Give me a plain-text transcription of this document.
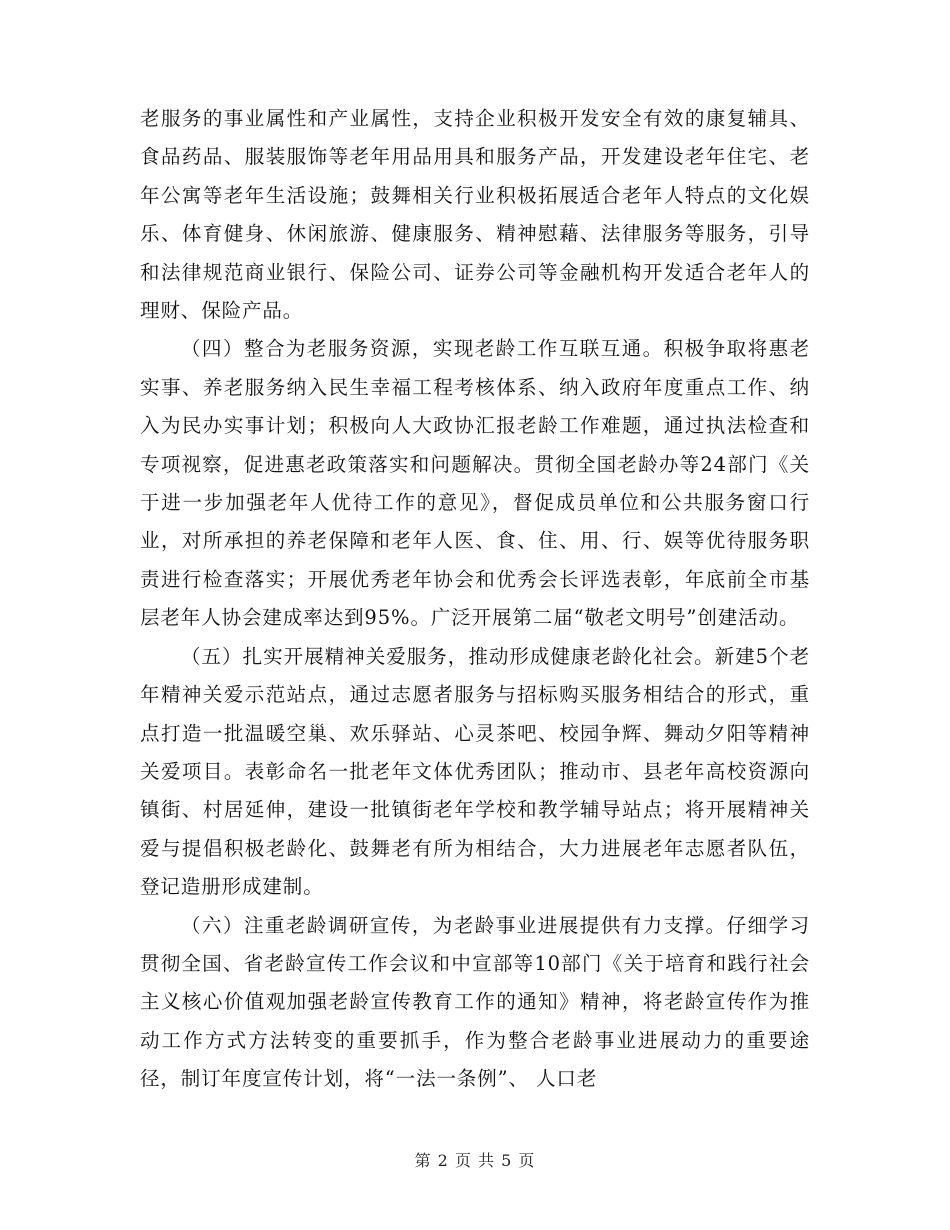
老服务的事业属性和产业属性，支持企业积极开发安全有效的康复辅具、食品药品、服装服饰等老年用品用具和服务产品，开发建设老年住宅、老年公寓等老年生活设施；鼓舞相关行业积极拓展适合老年人特点的文化娱乐、体育健身、休闲旅游、健康服务、精神慰藉、法律服务等服务，引导和法律规范商业银行、保险公司、证券公司等金融机构开发适合老年人的理财、保险产品。

（四）整合为老服务资源，实现老龄工作互联互通。积极争取将惠老实事、养老服务纳入民生幸福工程考核体系、纳入政府年度重点工作、纳入为民办实事计划；积极向人大政协汇报老龄工作难题，通过执法检查和专项视察，促进惠老政策落实和问题解决。贯彻全国老龄办等24部门《关于进一步加强老年人优待工作的意见》，督促成员单位和公共服务窗口行业，对所承担的养老保障和老年人医、食、住、用、行、娱等优待服务职责进行检查落实；开展优秀老年协会和优秀会长评选表彰，年底前全市基层老年人协会建成率达到95%。广泛开展第二届“敬老文明号”创建活动。

（五）扎实开展精神关爱服务，推动形成健康老龄化社会。新建5个老年精神关爱示范站点，通过志愿者服务与招标购买服务相结合的形式，重点打造一批温暖空巢、欢乐驿站、心灵茶吧、校园争辉、舞动夕阳等精神关爱项目。表彰命名一批老年文体优秀团队；推动市、县老年高校资源向镇街、村居延伸，建设一批镇街老年学校和教学辅导站点；将开展精神关爱与提倡积极老龄化、鼓舞老有所为相结合，大力进展老年志愿者队伍，登记造册形成建制。

（六）注重老龄调研宣传，为老龄事业进展提供有力支撑。仔细学习贯彻全国、省老龄宣传工作会议和中宣部等10部门《关于培育和践行社会主义核心价值观加强老龄宣传教育工作的通知》精神，将老龄宣传作为推动工作方式方法转变的重要抓手，作为整合老龄事业进展动力的重要途径，制订年度宣传计划，将“一法一条例”、 人口老

第 2 页 共 5 页
